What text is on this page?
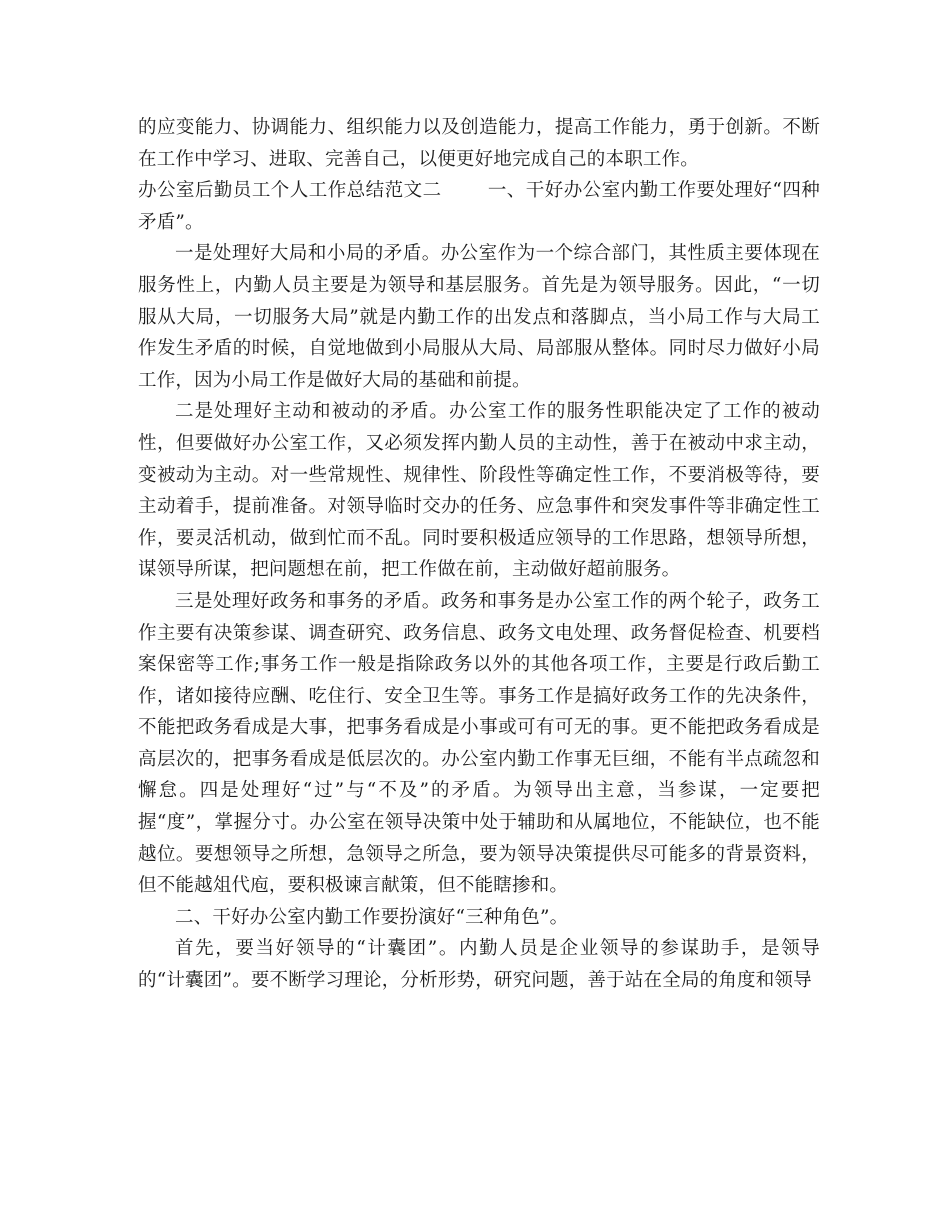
的应变能力、协调能力、组织能力以及创造能力，提高工作能力，勇于创新。不断在工作中学习、进取、完善自己，以便更好地完成自己的本职工作。

办公室后勤员工个人工作总结范文二 一、干好办公室内勤工作要处理好“四种矛盾”。

一是处理好大局和小局的矛盾。办公室作为一个综合部门，其性质主要体现在服务性上，内勤人员主要是为领导和基层服务。首先是为领导服务。因此，“一切服从大局，一切服务大局”就是内勤工作的出发点和落脚点，当小局工作与大局工作发生矛盾的时候，自觉地做到小局服从大局、局部服从整体。同时尽力做好小局工作，因为小局工作是做好大局的基础和前提。

二是处理好主动和被动的矛盾。办公室工作的服务性职能决定了工作的被动性，但要做好办公室工作，又必须发挥内勤人员的主动性，善于在被动中求主动，变被动为主动。对一些常规性、规律性、阶段性等确定性工作，不要消极等待，要主动着手，提前准备。对领导临时交办的任务、应急事件和突发事件等非确定性工作，要灵活机动，做到忙而不乱。同时要积极适应领导的工作思路，想领导所想，谋领导所谋，把问题想在前，把工作做在前，主动做好超前服务。

三是处理好政务和事务的矛盾。政务和事务是办公室工作的两个轮子，政务工作主要有决策参谋、调查研究、政务信息、政务文电处理、政务督促检查、机要档案保密等工作;事务工作一般是指除政务以外的其他各项工作，主要是行政后勤工作，诸如接待应酬、吃住行、安全卫生等。事务工作是搞好政务工作的先决条件，不能把政务看成是大事，把事务看成是小事或可有可无的事。更不能把政务看成是高层次的，把事务看成是低层次的。办公室内勤工作事无巨细，不能有半点疏忽和懈怠。四是处理好“过”与“不及”的矛盾。为领导出主意，当参谋，一定要把握“度”，掌握分寸。办公室在领导决策中处于辅助和从属地位，不能缺位，也不能越位。要想领导之所想，急领导之所急，要为领导决策提供尽可能多的背景资料，但不能越俎代庖，要积极谏言献策，但不能瞎掺和。

二、干好办公室内勤工作要扮演好“三种角色”。

首先，要当好领导的“计囊团”。内勤人员是企业领导的参谋助手，是领导的“计囊团”。要不断学习理论，分析形势，研究问题，善于站在全局的角度和领导
